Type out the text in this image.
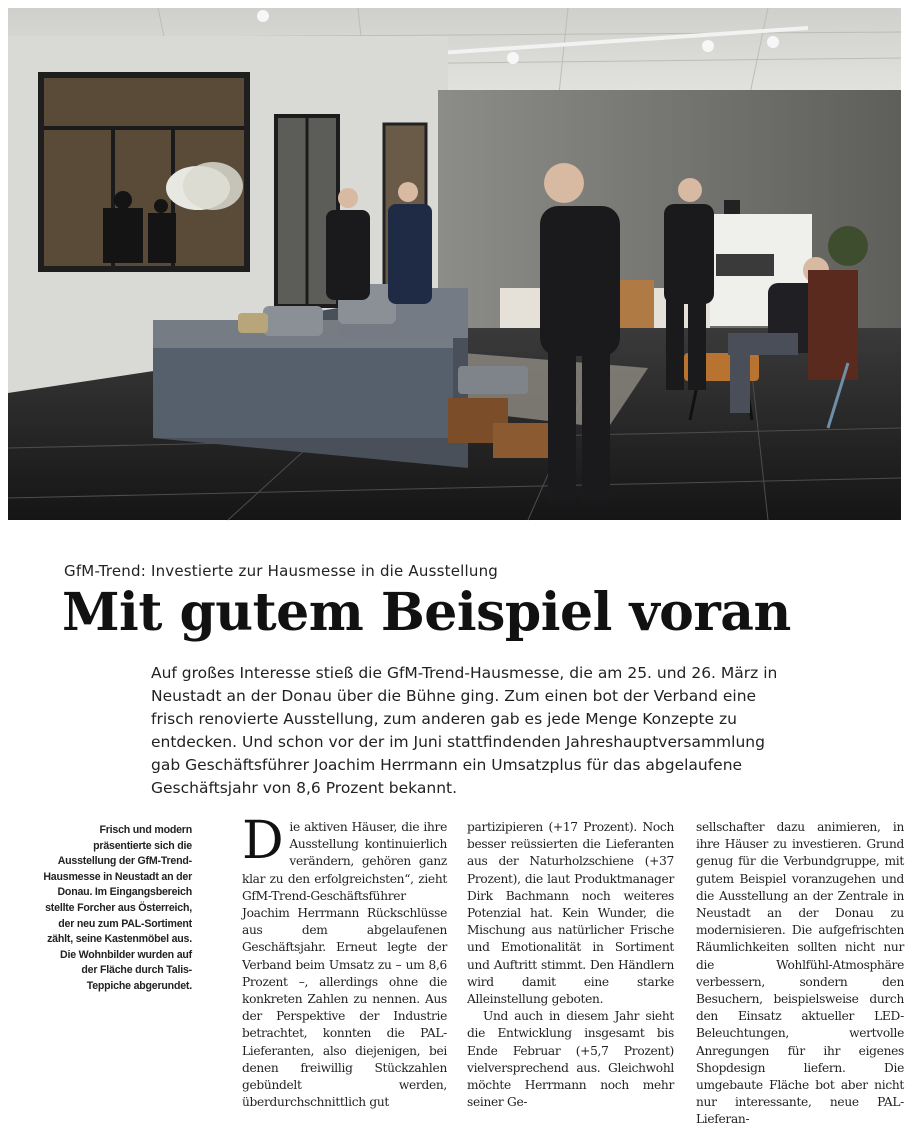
GfM-Trend: Investierte zur Hausmesse in die Ausstellung
Mit gutem Beispiel voran

Auf großes Interesse stieß die GfM-Trend-Hausmesse, die am 25. und 26. März in Neustadt an der Donau über die Bühne ging. Zum einen bot der Verband eine frisch renovierte Ausstellung, zum anderen gab es jede Menge Konzepte zu entdecken. Und schon vor der im Juni stattfindenden Jahreshauptversammlung gab Geschäftsführer Joachim Herrmann ein Umsatzplus für das abgelaufene Geschäftsjahr von 8,6 Prozent bekannt.

Frisch und modern präsentierte sich die Ausstellung der GfM-Trend-Hausmesse in Neustadt an der Donau. Im Eingangsbereich stellte Forcher aus Österreich, der neu zum PAL-Sortiment zählt, seine Kastenmöbel aus. Die Wohnbilder wurden auf der Fläche durch Talis-Teppiche abgerundet.

Die aktiven Häuser, die ihre Ausstellung kontinuierlich verändern, gehören ganz klar zu den erfolgreichsten“, zieht GfM-Trend-Geschäftsführer Joachim Herrmann Rückschlüsse aus dem abgelaufenen Geschäftsjahr. Erneut legte der Verband beim Umsatz zu – um 8,6 Prozent –, allerdings ohne die konkreten Zahlen zu nennen. Aus der Perspektive der Industrie betrachtet, konnten die PAL-Lieferanten, also diejenigen, bei denen freiwillig Stückzahlen gebündelt werden, überdurchschnittlich gut

partizipieren (+17 Prozent). Noch besser reüssierten die Lieferanten aus der Naturholzschiene (+37 Prozent), die laut Produktmanager Dirk Bachmann noch weiteres Potenzial hat. Kein Wunder, die Mischung aus natürlicher Frische und Emotionalität in Sortiment und Auftritt stimmt. Den Händlern wird damit eine starke Alleinstellung geboten.

Und auch in diesem Jahr sieht die Entwicklung insgesamt bis Ende Februar (+5,7 Prozent) vielversprechend aus. Gleichwohl möchte Herrmann noch mehr seiner Ge-

sellschafter dazu animieren, in ihre Häuser zu investieren. Grund genug für die Verbundgruppe, mit gutem Beispiel voranzugehen und die Ausstellung an der Zentrale in Neustadt an der Donau zu modernisieren. Die aufgefrischten Räumlichkeiten sollten nicht nur die Wohlfühl-Atmosphäre verbessern, sondern den Besuchern, beispielsweise durch den Einsatz aktueller LED-Beleuchtungen, wertvolle Anregungen für ihr eigenes Shopdesign liefern. Die umgebaute Fläche bot aber nicht nur interessante, neue PAL-Lieferan-
